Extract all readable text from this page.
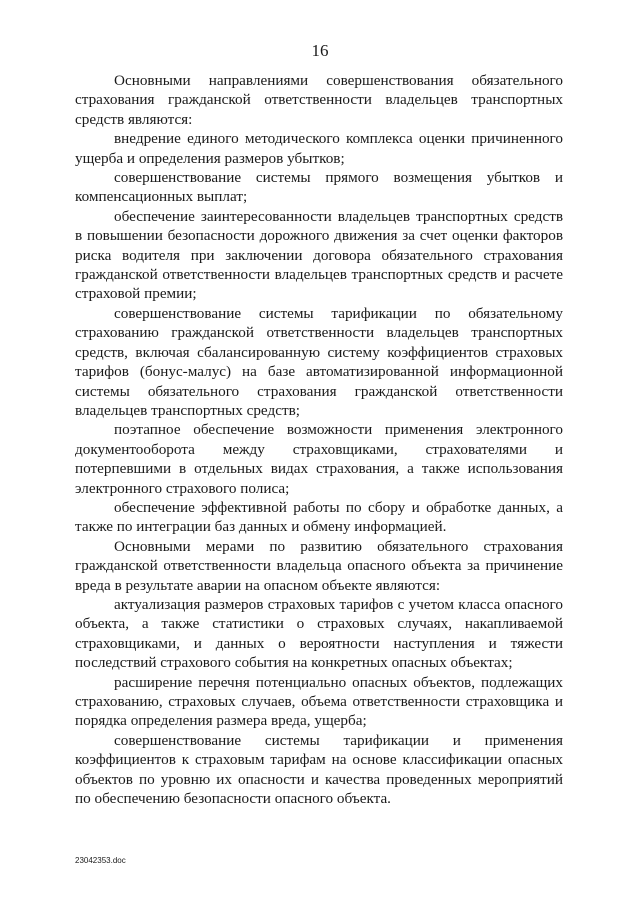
16

Основными направлениями совершенствования обязательного страхования гражданской ответственности владельцев транспортных средств являются:

внедрение единого методического комплекса оценки причиненного ущерба и определения размеров убытков;

совершенствование системы прямого возмещения убытков и компенсационных выплат;

обеспечение заинтересованности владельцев транспортных средств в повышении безопасности дорожного движения за счет оценки факторов риска водителя при заключении договора обязательного страхования гражданской ответственности владельцев транспортных средств и расчете страховой премии;

совершенствование системы тарификации по обязательному страхованию гражданской ответственности владельцев транспортных средств, включая сбалансированную систему коэффициентов страховых тарифов (бонус-малус) на базе автоматизированной информационной системы обязательного страхования гражданской ответственности владельцев транспортных средств;

поэтапное обеспечение возможности применения электронного документооборота между страховщиками, страхователями и потерпевшими в отдельных видах страхования, а также использования электронного страхового полиса;

обеспечение эффективной работы по сбору и обработке данных, а также по интеграции баз данных и обмену информацией.

Основными мерами по развитию обязательного страхования гражданской ответственности владельца опасного объекта за причинение вреда в результате аварии на опасном объекте являются:

актуализация размеров страховых тарифов с учетом класса опасного объекта, а также статистики о страховых случаях, накапливаемой страховщиками, и данных о вероятности наступления и тяжести последствий страхового события на конкретных опасных объектах;

расширение перечня потенциально опасных объектов, подлежащих страхованию, страховых случаев, объема ответственности страховщика и порядка определения размера вреда, ущерба;

совершенствование системы тарификации и применения коэффициентов к страховым тарифам на основе классификации опасных объектов по уровню их опасности и качества проведенных мероприятий по обеспечению безопасности опасного объекта.

23042353.doc
